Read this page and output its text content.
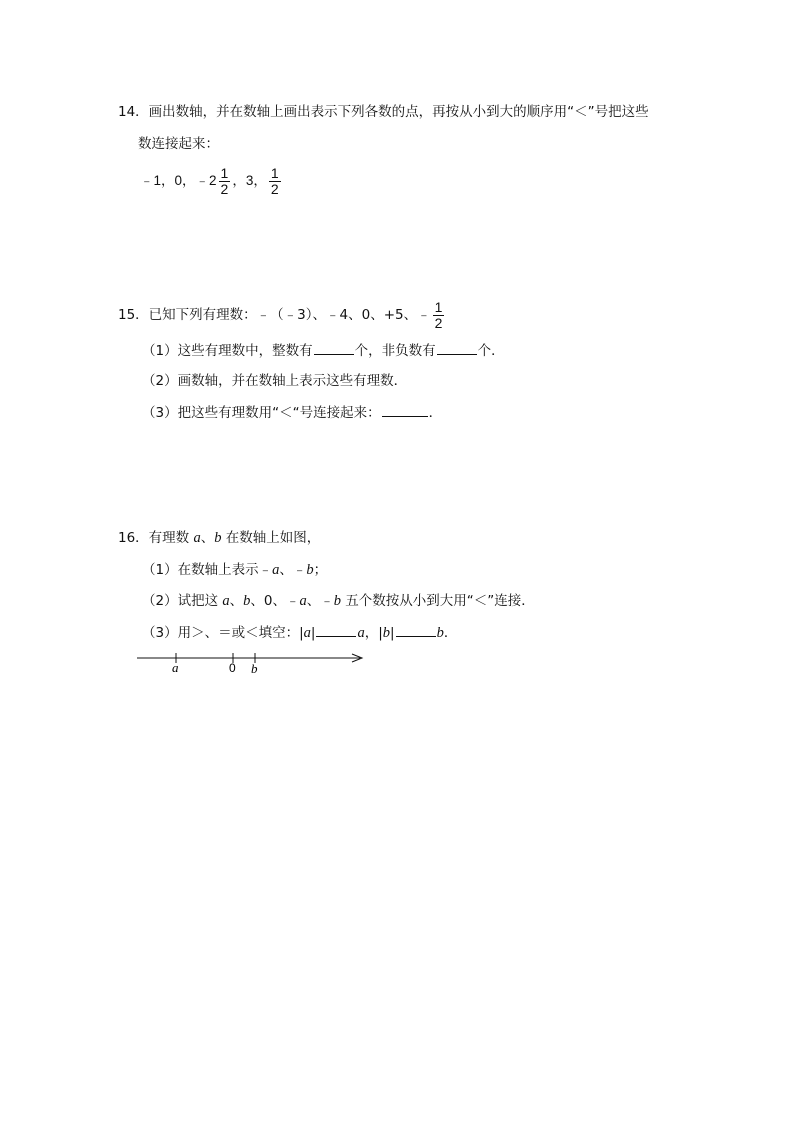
14．画出数轴，并在数轴上画出表示下列各数的点，再按从小到大的顺序用“＜”号把这些
数连接起来：
﹣1，0，﹣2 $\frac{1}{2}$ ，3， $\frac{1}{2}$
15．已知下列有理数：﹣（﹣3）、﹣4、0、+5、﹣ $\frac{1}{2}$
（1）这些有理数中，整数有	个，非负数有	个．
（2）画数轴，并在数轴上表示这些有理数．
（3）把这些有理数用“＜“号连接起来：	．
16．有理数 a、b 在数轴上如图，
（1）在数轴上表示﹣a、﹣b；
（2）试把这 a、b、0、﹣a、﹣b 五个数按从小到大用“＜”连接．
（3）用＞、＝或＜填空：|a|	a，|b|	b．
a	0 b
